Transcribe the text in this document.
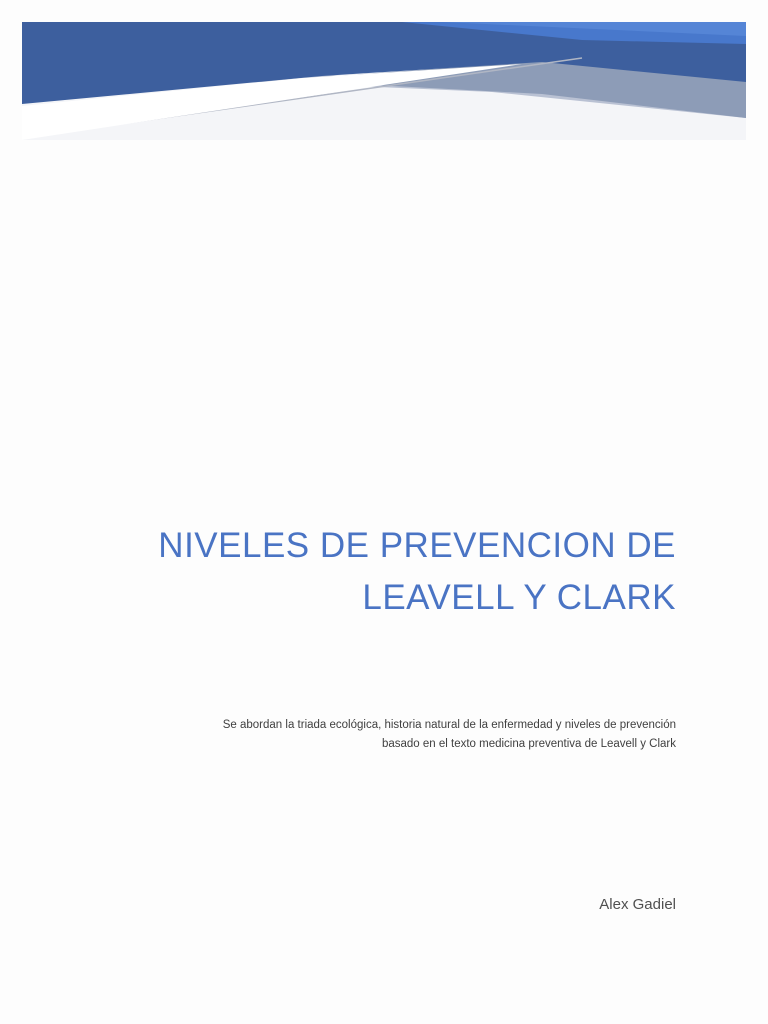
NIVELES DE PREVENCION DE
LEAVELL Y CLARK
Se abordan la triada ecológica, historia natural de la enfermedad y niveles de prevención
basado en el texto medicina preventiva de Leavell y Clark
Alex Gadiel
